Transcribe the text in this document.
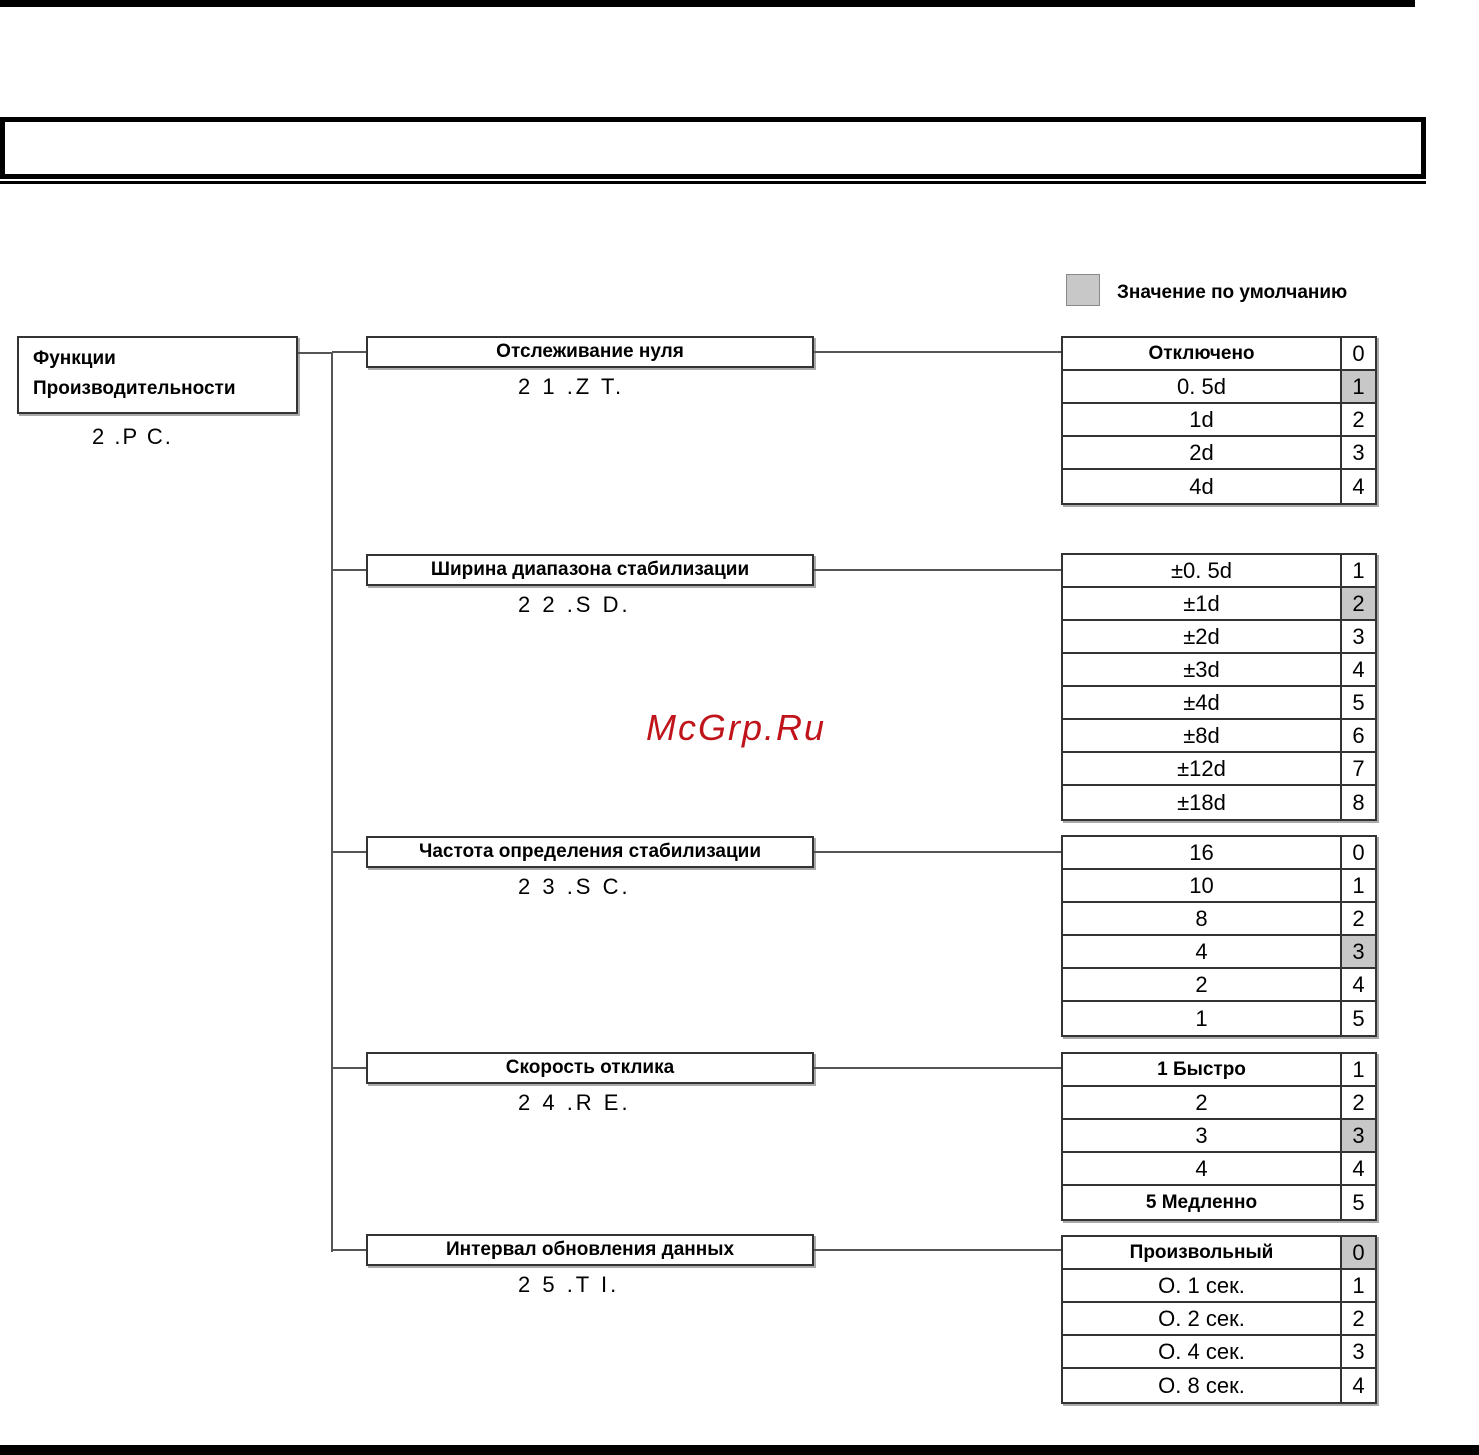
Значение по умолчанию
Функции
Производительности
2 .P C.
Отслеживание нуля
2 1 .Z T.
Отключено	0
0. 5d	1
1d	2
2d	3
4d	4
Ширина диапазона стабилизации
2 2 .S D.
±0. 5d	1
±1d	2
±2d	3
±3d	4
±4d	5
±8d	6
±12d	7
±18d	8
Частота определения стабилизации
2 3 .S C.
16	0
10	1
8	2
4	3
2	4
1	5
Скорость отклика
2 4 .R E.
1 Быстро	1
2	2
3	3
4	4
5 Медленно	5
Интервал обновления данных
2 5 .T I.
Произвольный	0
О. 1 сек.	1
О. 2 сек.	2
О. 4 сек.	3
О. 8 сек.	4
McGrp.Ru
